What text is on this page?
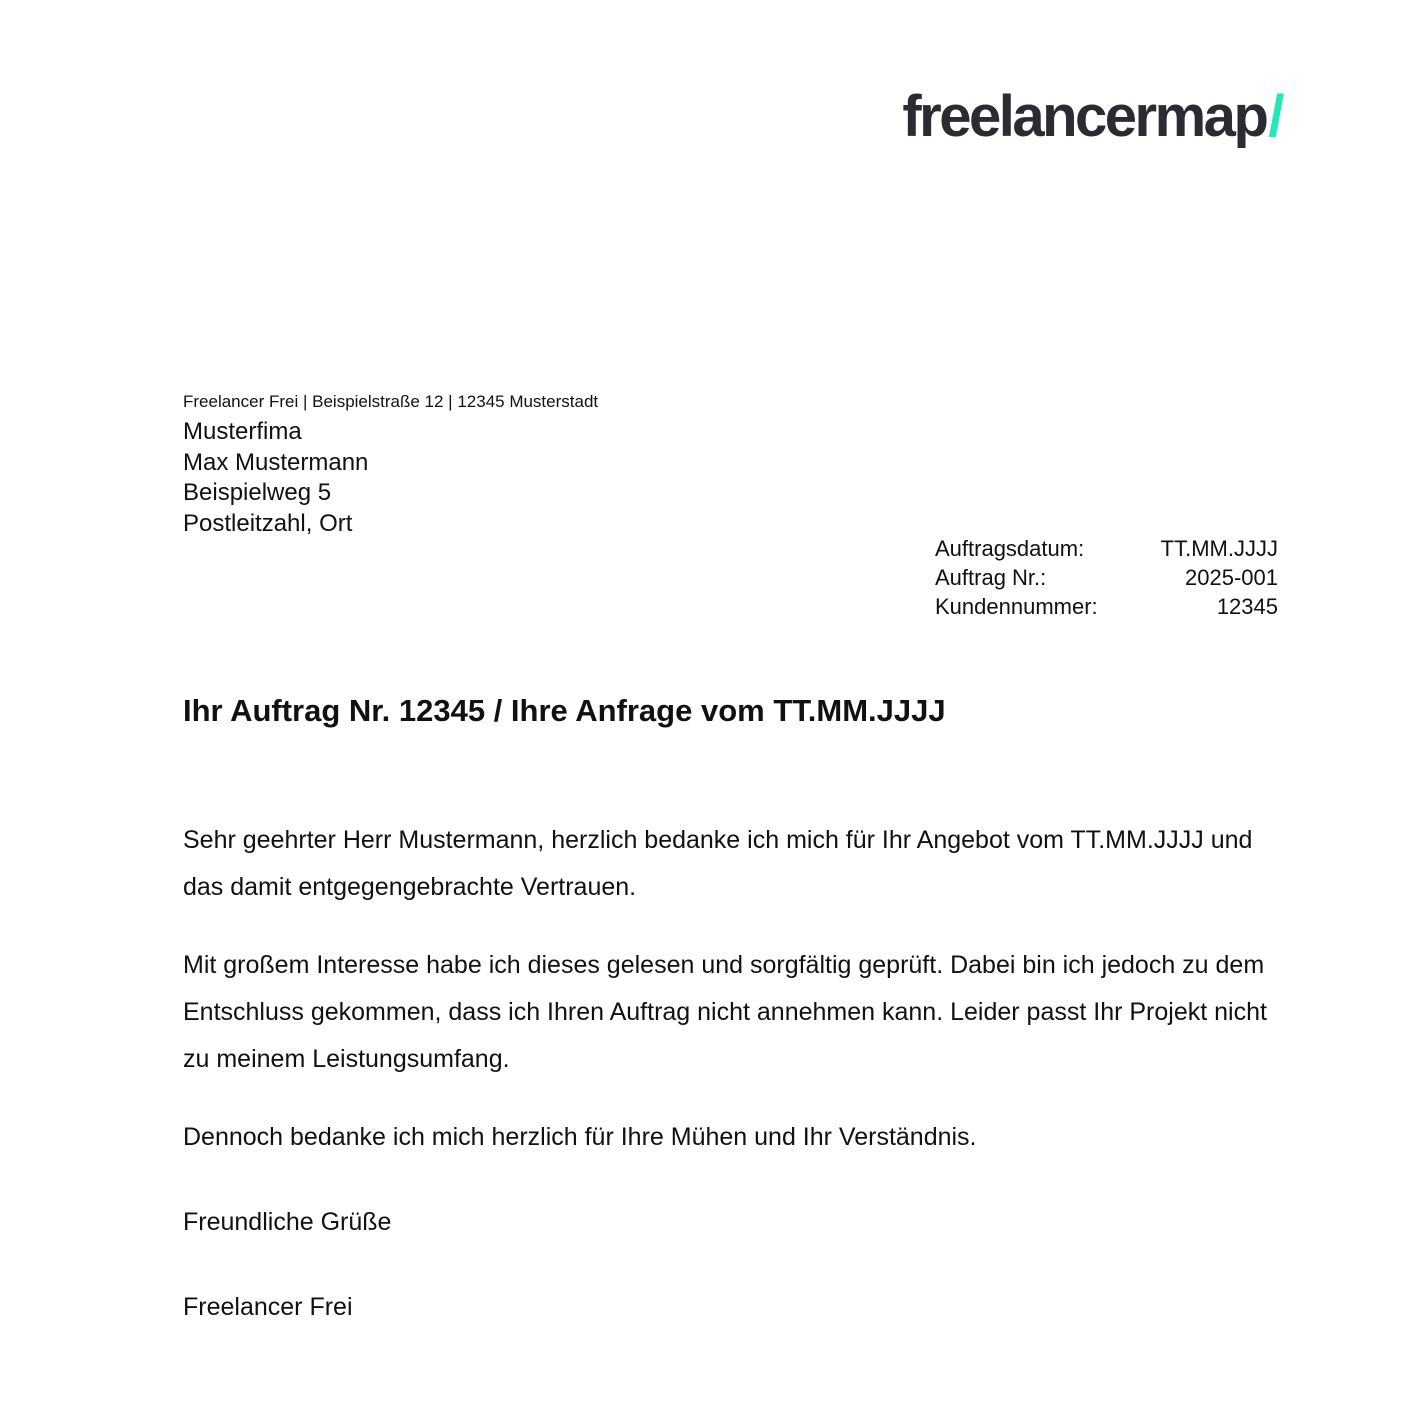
freelancermap/
Freelancer Frei | Beispielstraße 12 | 12345 Musterstadt
Musterfima
Max Mustermann
Beispielweg 5
Postleitzahl, Ort
Auftragsdatum:	TT.MM.JJJJ
Auftrag Nr.:	2025-001
Kundennummer:	12345
Ihr Auftrag Nr. 12345 / Ihre Anfrage vom TT.MM.JJJJ

Sehr geehrter Herr Mustermann, herzlich bedanke ich mich für Ihr Angebot vom TT.MM.JJJJ und das damit entgegengebrachte Vertrauen.

Mit großem Interesse habe ich dieses gelesen und sorgfältig geprüft. Dabei bin ich jedoch zu dem Entschluss gekommen, dass ich Ihren Auftrag nicht annehmen kann. Leider passt Ihr Projekt nicht zu meinem Leistungsumfang.

Dennoch bedanke ich mich herzlich für Ihre Mühen und Ihr Verständnis.

Freundliche Grüße

Freelancer Frei
